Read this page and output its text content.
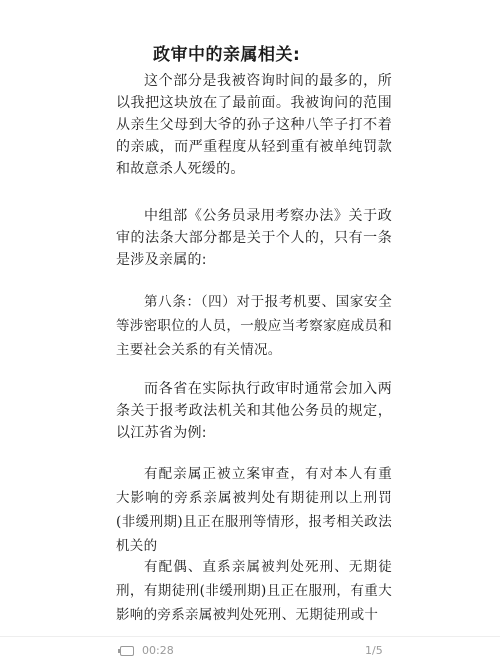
政审中的亲属相关:
这个部分是我被咨询时间的最多的，所以我把这块放在了最前面。我被询问的范围从亲生父母到大爷的孙子这种八竿子打不着的亲戚，而严重程度从轻到重有被单纯罚款和故意杀人死缓的。
中组部《公务员录用考察办法》关于政审的法条大部分都是关于个人的，只有一条是涉及亲属的:
第八条：（四）对于报考机要、国家安全等涉密职位的人员，一般应当考察家庭成员和主要社会关系的有关情况。
而各省在实际执行政审时通常会加入两条关于报考政法机关和其他公务员的规定，以江苏省为例:
有配亲属正被立案审查，有对本人有重大影响的旁系亲属被判处有期徒刑以上刑罚(非缓刑期)且正在服刑等情形，报考相关政法机关的
有配偶、直系亲属被判处死刑、无期徒刑，有期徒刑(非缓刑期)且正在服刑，有重大影响的旁系亲属被判处死刑、无期徒刑或十
00:28	1/5
